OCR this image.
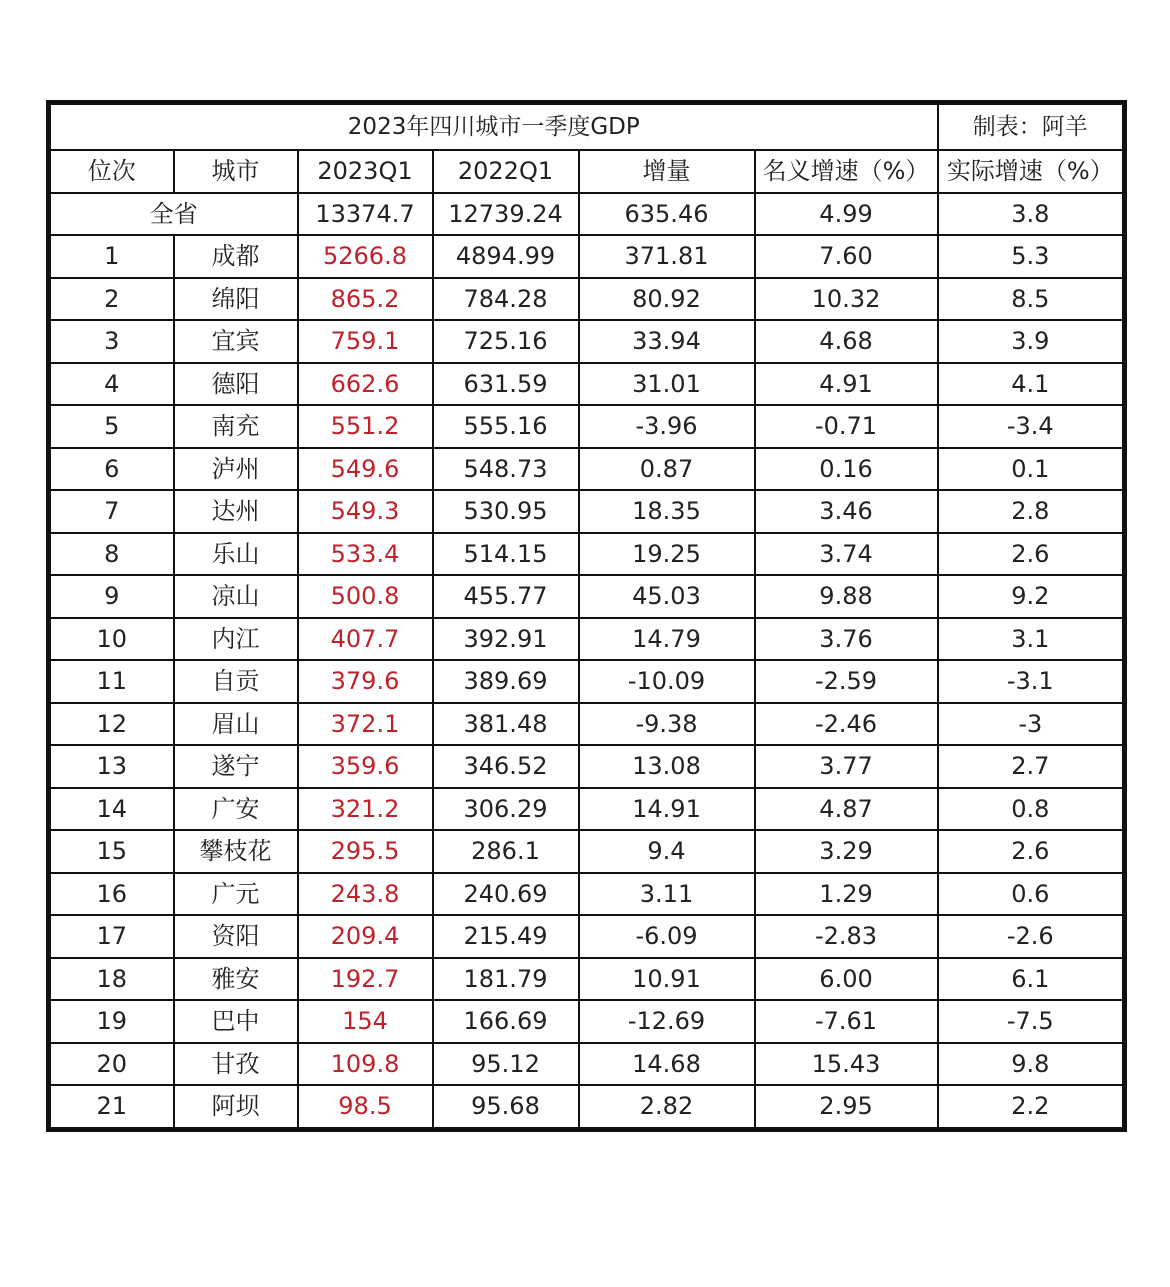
2023年四川城市一季度GDP						制表：阿羊
位次	城市	2023Q1	2022Q1	增量	名义增速（%）	实际增速（%）
全省		13374.7	12739.24	635.46	4.99	3.8
1	成都	5266.8	4894.99	371.81	7.60	5.3
2	绵阳	865.2	784.28	80.92	10.32	8.5
3	宜宾	759.1	725.16	33.94	4.68	3.9
4	德阳	662.6	631.59	31.01	4.91	4.1
5	南充	551.2	555.16	-3.96	-0.71	-3.4
6	泸州	549.6	548.73	0.87	0.16	0.1
7	达州	549.3	530.95	18.35	3.46	2.8
8	乐山	533.4	514.15	19.25	3.74	2.6
9	凉山	500.8	455.77	45.03	9.88	9.2
10	内江	407.7	392.91	14.79	3.76	3.1
11	自贡	379.6	389.69	-10.09	-2.59	-3.1
12	眉山	372.1	381.48	-9.38	-2.46	-3
13	遂宁	359.6	346.52	13.08	3.77	2.7
14	广安	321.2	306.29	14.91	4.87	0.8
15	攀枝花	295.5	286.1	9.4	3.29	2.6
16	广元	243.8	240.69	3.11	1.29	0.6
17	资阳	209.4	215.49	-6.09	-2.83	-2.6
18	雅安	192.7	181.79	10.91	6.00	6.1
19	巴中	154	166.69	-12.69	-7.61	-7.5
20	甘孜	109.8	95.12	14.68	15.43	9.8
21	阿坝	98.5	95.68	2.82	2.95	2.2
